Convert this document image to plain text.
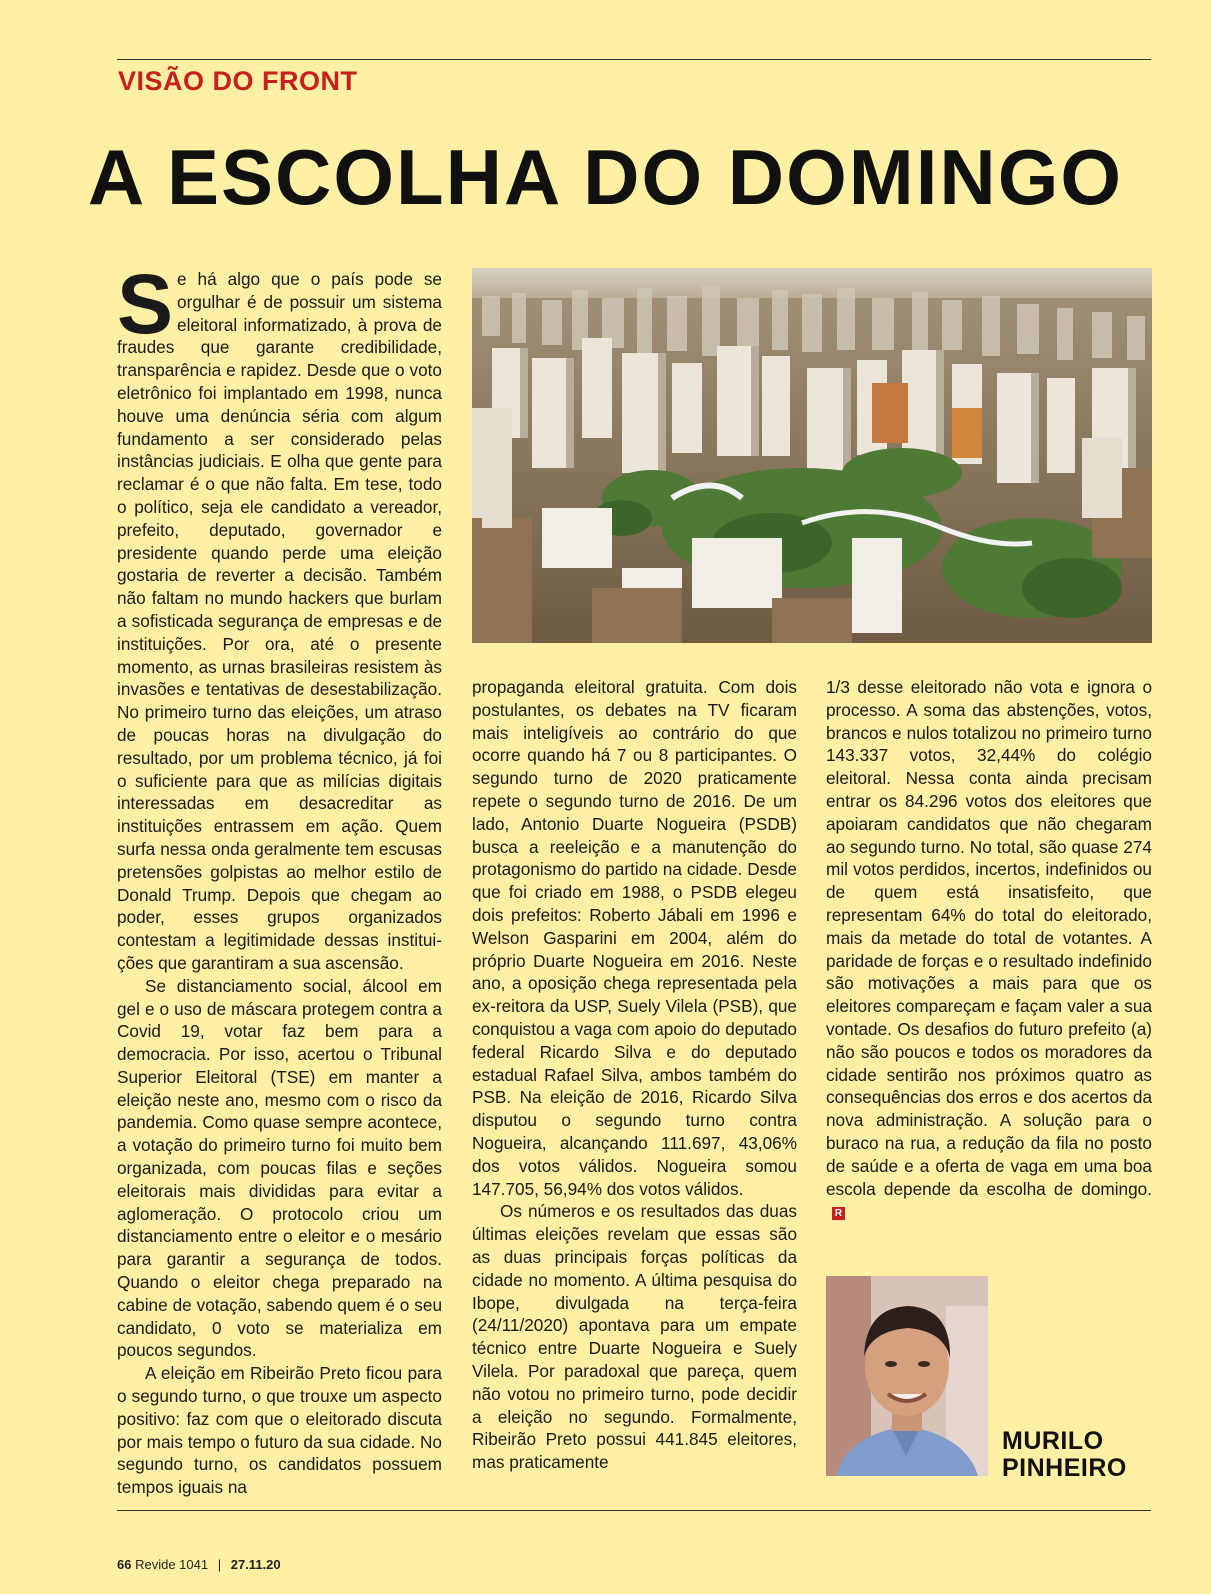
VISÃO DO FRONT
A ESCOLHA DO DOMINGO

Se há algo que o país pode se orgulhar é de possuir um sistema eleitoral informatizado, à prova de fraudes que garante credibilidade, transparência e rapidez. Desde que o voto eletrônico foi implantado em 1998, nunca houve uma denúncia séria com algum fundamento a ser considerado pelas instâncias judiciais. E olha que gente para reclamar é o que não falta. Em tese, todo o político, seja ele candidato a vereador, prefeito, deputado, governador e presidente quando perde uma eleição gostaria de reverter a decisão. Também não faltam no mundo hackers que burlam a sofisticada segurança de empresas e de instituições. Por ora, até o presente momento, as urnas brasileiras resistem às invasões e tentativas de desestabilização. No primeiro turno das eleições, um atraso de poucas horas na divulgação do resultado, por um problema técnico, já foi o suficiente para que as milícias digitais interessadas em desacreditar as instituições entrassem em ação. Quem surfa nessa onda geralmente tem escusas pretensões golpistas ao melhor estilo de Donald Trump. Depois que chegam ao poder, esses grupos organizados contestam a legitimidade dessas instituições que garantiram a sua ascensão.

Se distanciamento social, álcool em gel e o uso de máscara protegem contra a Covid 19, votar faz bem para a democracia. Por isso, acertou o Tribunal Superior Eleitoral (TSE) em manter a eleição neste ano, mesmo com o risco da pandemia. Como quase sempre acontece, a votação do primeiro turno foi muito bem organizada, com poucas filas e seções eleitorais mais divididas para evitar a aglomeração. O protocolo criou um distanciamento entre o eleitor e o mesário para garantir a segurança de todos. Quando o eleitor chega preparado na cabine de votação, sabendo quem é o seu candidato, 0 voto se materializa em poucos segundos.

A eleição em Ribeirão Preto ficou para o segundo turno, o que trouxe um aspecto positivo: faz com que o eleitorado discuta por mais tempo o futuro da sua cidade. No segundo turno, os candidatos possuem tempos iguais na

propaganda eleitoral gratuita. Com dois postulantes, os debates na TV ficaram mais inteligíveis ao contrário do que ocorre quando há 7 ou 8 participantes. O segundo turno de 2020 praticamente repete o segundo turno de 2016. De um lado, Antonio Duarte Nogueira (PSDB) busca a reeleição e a manutenção do protagonismo do partido na cidade. Desde que foi criado em 1988, o PSDB elegeu dois prefeitos: Roberto Jábali em 1996 e Welson Gasparini em 2004, além do próprio Duarte Nogueira em 2016. Neste ano, a oposição chega representada pela ex-reitora da USP, Suely Vilela (PSB), que conquistou a vaga com apoio do deputado federal Ricardo Silva e do deputado estadual Rafael Silva, ambos também do PSB. Na eleição de 2016, Ricardo Silva disputou o segundo turno contra Nogueira, alcançando 111.697, 43,06% dos votos válidos. Nogueira somou 147.705, 56,94% dos votos válidos.

Os números e os resultados das duas últimas eleições revelam que essas são as duas principais forças políticas da cidade no momento. A última pesquisa do Ibope, divulgada na terça-feira (24/11/2020) apontava para um empate técnico entre Duarte Nogueira e Suely Vilela. Por paradoxal que pareça, quem não votou no primeiro turno, pode decidir a eleição no segundo. Formalmente, Ribeirão Preto possui 441.845 eleitores, mas praticamente

1/3 desse eleitorado não vota e ignora o processo. A soma das abstenções, votos, brancos e nulos totalizou no primeiro turno 143.337 votos, 32,44% do colégio eleitoral. Nessa conta ainda precisam entrar os 84.296 votos dos eleitores que apoiaram candidatos que não chegaram ao segundo turno. No total, são quase 274 mil votos perdidos, incertos, indefinidos ou de quem está insatisfeito, que representam 64% do total do eleitorado, mais da metade do total de votantes. A paridade de forças e o resultado indefinido são motivações a mais para que os eleitores compareçam e façam valer a sua vontade. Os desafios do futuro prefeito (a) não são poucos e todos os moradores da cidade sentirão nos próximos quatro as consequências dos erros e dos acertos da nova administração. A solução para o buraco na rua, a redução da fila no posto de saúde e a oferta de vaga em uma boa escola depende da escolha de domingo.R

MURILO
PINHEIRO
66 Revide 1041 | 27.11.20
